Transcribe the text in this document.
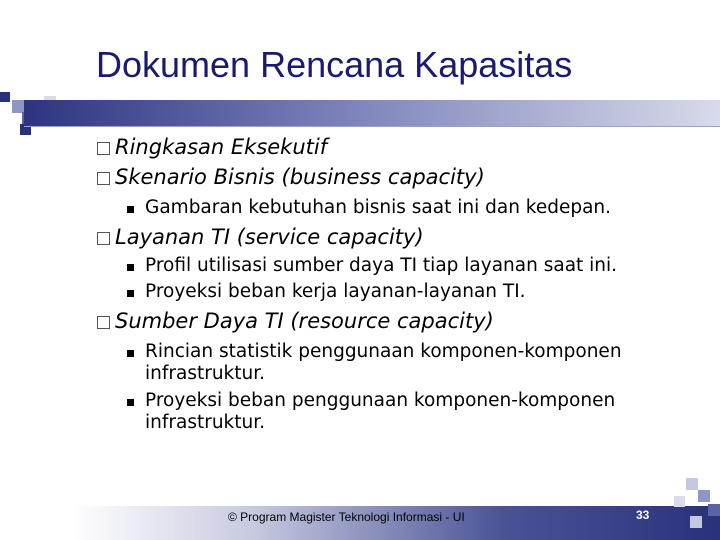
Dokumen Rencana Kapasitas
Ringkasan Eksekutif
Skenario Bisnis (business capacity)
Gambaran kebutuhan bisnis saat ini dan kedepan.
Layanan TI (service capacity)
Profil utilisasi sumber daya TI tiap layanan saat ini.
Proyeksi beban kerja layanan-layanan TI.
Sumber Daya TI (resource capacity)
Rincian statistik penggunaan komponen-komponen
infrastruktur.
Proyeksi beban penggunaan komponen-komponen
infrastruktur.
© Program Magister Teknologi Informasi - UI	33
